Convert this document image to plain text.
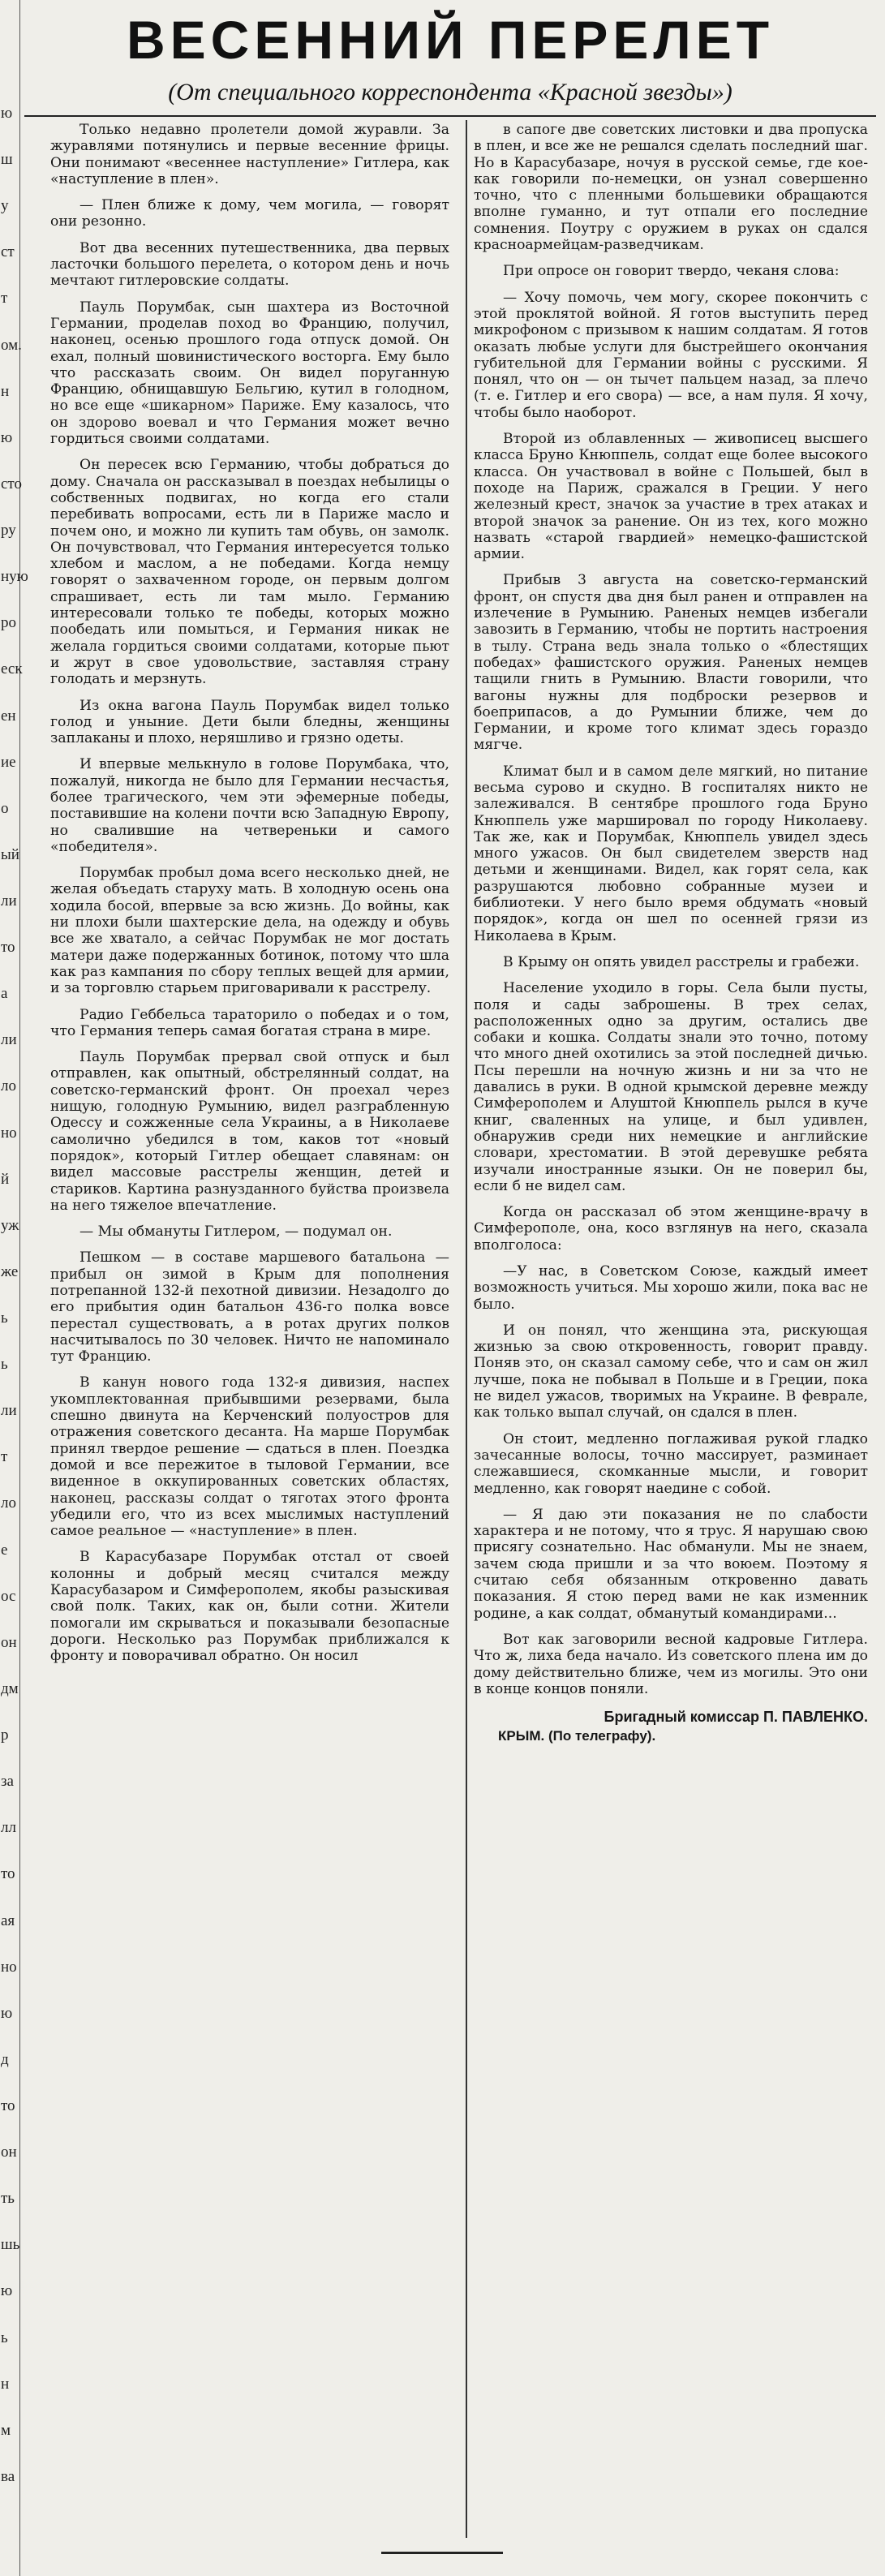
ю
ш
у
ст
т
ом.
н
ю
сто
ру
ную
ро
еск
ен
ие
о
ый
ли
то
а
ли
ло
но
й
уж
же
ь
ь
ли
т
ло
е
ос
он
дм
р
за
лл
то
ая
но
ю
д
то
он
ть
шь
ю
ь
н
м
ва
ВЕСЕННИЙ ПЕРЕЛЕТ
(От специального корреспондента «Красной звезды»)

Только недавно пролетели домой журавли. За журавлями потянулись и первые весенние фрицы. Они понимают «весеннее наступление» Гитлера, как «наступление в плен».

— Плен ближе к дому, чем могила, — говорят они резонно.

Вот два весенних путешественника, два первых ласточки большого перелета, о котором день и ночь мечтают гитлеровские солдаты.

Пауль Порумбак, сын шахтера из Восточной Германии, проделав поход во Францию, получил, наконец, осенью прошлого года отпуск домой. Он ехал, полный шовинистического восторга. Ему было что рассказать своим. Он видел поруганную Францию, обнищавшую Бельгию, кутил в голодном, но все еще «шикарном» Париже. Ему казалось, что он здорово воевал и что Германия может вечно гордиться своими солдатами.

Он пересек всю Германию, чтобы добраться до дому. Сначала он рассказывал в поездах небылицы о собственных подвигах, но когда его стали перебивать вопросами, есть ли в Париже масло и почем оно, и можно ли купить там обувь, он замолк. Он почувствовал, что Германия интересуется только хлебом и маслом, а не победами. Когда немцу говорят о захваченном городе, он первым долгом спрашивает, есть ли там мыло. Германию интересовали только те победы, которых можно пообедать или помыться, и Германия никак не желала гордиться своими солдатами, которые пьют и жрут в свое удовольствие, заставляя страну голодать и мерзнуть.

Из окна вагона Пауль Порумбак видел только голод и уныние. Дети были бледны, женщины заплаканы и плохо, неряшливо и грязно одеты.

И впервые мелькнуло в голове Порумбака, что, пожалуй, никогда не было для Германии несчастья, более трагического, чем эти эфемерные победы, поставившие на колени почти всю Западную Европу, но свалившие на четвереньки и самого «победителя».

Порумбак пробыл дома всего несколько дней, не желая объедать старуху мать. В холодную осень она ходила босой, впервые за всю жизнь. До войны, как ни плохи были шахтерские дела, на одежду и обувь все же хватало, а сейчас Порумбак не мог достать матери даже подержанных ботинок, потому что шла как раз кампания по сбору теплых вещей для армии, и за торговлю старьем приговаривали к расстрелу.

Радио Геббельса тараторило о победах и о том, что Германия теперь самая богатая страна в мире.

Пауль Порумбак прервал свой отпуск и был отправлен, как опытный, обстрелянный солдат, на советско-германский фронт. Он проехал через нищую, голодную Румынию, видел разграбленную Одессу и сожженные села Украины, а в Николаеве самолично убедился в том, каков тот «новый порядок», который Гитлер обещает славянам: он видел массовые расстрелы женщин, детей и стариков. Картина разнузданного буйства произвела на него тяжелое впечатление.

— Мы обмануты Гитлером, — подумал он.

Пешком — в составе маршевого батальона — прибыл он зимой в Крым для пополнения потрепанной 132-й пехотной дивизии. Незадолго до его прибытия один батальон 436-го полка вовсе перестал существовать, а в ротах других полков насчитывалось по 30 человек. Ничто не напоминало тут Францию.

В канун нового года 132-я дивизия, наспех укомплектованная прибывшими резервами, была спешно двинута на Керченский полуостров для отражения советского десанта. На марше Порумбак принял твердое решение — сдаться в плен. Поездка домой и все пережитое в тыловой Германии, все виденное в оккупированных советских областях, наконец, рассказы солдат о тяготах этого фронта убедили его, что из всех мыслимых наступлений самое реальное — «наступление» в плен.

В Карасубазаре Порумбак отстал от своей колонны и добрый месяц считался между Карасубазаром и Симферополем, якобы разыскивая свой полк. Таких, как он, были сотни. Жители помогали им скрываться и показывали безопасные дороги. Несколько раз Порумбак приближался к фронту и поворачивал обратно. Он носил

в сапоге две советских листовки и два пропуска в плен, и все же не решался сделать последний шаг. Но в Карасубазаре, ночуя в русской семье, где кое-как говорили по-немецки, он узнал совершенно точно, что с пленными большевики обращаются вполне гуманно, и тут отпали его последние сомнения. Поутру с оружием в руках он сдался красноармейцам-разведчикам.

При опросе он говорит твердо, чеканя слова:

— Хочу помочь, чем могу, скорее покончить с этой проклятой войной. Я готов выступить перед микрофоном с призывом к нашим солдатам. Я готов оказать любые услуги для быстрейшего окончания губительной для Германии войны с русскими. Я понял, что он — он тычет пальцем назад, за плечо (т. е. Гитлер и его свора) — все, а нам пуля. Я хочу, чтобы было наоборот.

Второй из облавленных — живописец высшего класса Бруно Кнюппель, солдат еще более высокого класса. Он участвовал в войне с Польшей, был в походе на Париж, сражался в Греции. У него железный крест, значок за участие в трех атаках и второй значок за ранение. Он из тех, кого можно назвать «старой гвардией» немецко-фашистской армии.

Прибыв 3 августа на советско-германский фронт, он спустя два дня был ранен и отправлен на излечение в Румынию. Раненых немцев избегали завозить в Германию, чтобы не портить настроения в тылу. Страна ведь знала только о «блестящих победах» фашистского оружия. Раненых немцев тащили гнить в Румынию. Власти говорили, что вагоны нужны для подброски резервов и боеприпасов, а до Румынии ближе, чем до Германии, и кроме того климат здесь гораздо мягче.

Климат был и в самом деле мягкий, но питание весьма сурово и скудно. В госпиталях никто не залеживался. В сентябре прошлого года Бруно Кнюппель уже маршировал по городу Николаеву. Так же, как и Порумбак, Кнюппель увидел здесь много ужасов. Он был свидетелем зверств над детьми и женщинами. Видел, как горят села, как разрушаются любовно собранные музеи и библиотеки. У него было время обдумать «новый порядок», когда он шел по осенней грязи из Николаева в Крым.

В Крыму он опять увидел расстрелы и грабежи.

Население уходило в горы. Села были пусты, поля и сады заброшены. В трех селах, расположенных одно за другим, остались две собаки и кошка. Солдаты знали это точно, потому что много дней охотились за этой последней дичью. Псы перешли на ночную жизнь и ни за что не давались в руки. В одной крымской деревне между Симферополем и Алуштой Кнюппель рылся в куче книг, сваленных на улице, и был удивлен, обнаружив среди них немецкие и английские словари, хрестоматии. В этой деревушке ребята изучали иностранные языки. Он не поверил бы, если б не видел сам.

Когда он рассказал об этом женщине-врачу в Симферополе, она, косо взглянув на него, сказала вполголоса:

—У нас, в Советском Союзе, каждый имеет возможность учиться. Мы хорошо жили, пока вас не было.

И он понял, что женщина эта, рискующая жизнью за свою откровенность, говорит правду. Поняв это, он сказал самому себе, что и сам он жил лучше, пока не побывал в Польше и в Греции, пока не видел ужасов, творимых на Украине. В феврале, как только выпал случай, он сдался в плен.

Он стоит, медленно поглаживая рукой гладко зачесанные волосы, точно массирует, разминает слежавшиеся, скомканные мысли, и говорит медленно, как говорят наедине с собой.

— Я даю эти показания не по слабости характера и не потому, что я трус. Я нарушаю свою присягу сознательно. Нас обманули. Мы не знаем, зачем сюда пришли и за что воюем. Поэтому я считаю себя обязанным откровенно давать показания. Я стою перед вами не как изменник родине, а как солдат, обманутый командирами...

Вот как заговорили весной кадровые Гитлера. Что ж, лиха беда начало. Из советского плена им до дому действительно ближе, чем из могилы. Это они в конце концов поняли.

Бригадный комиссар П. ПАВЛЕНКО.
КРЫМ. (По телеграфу).
